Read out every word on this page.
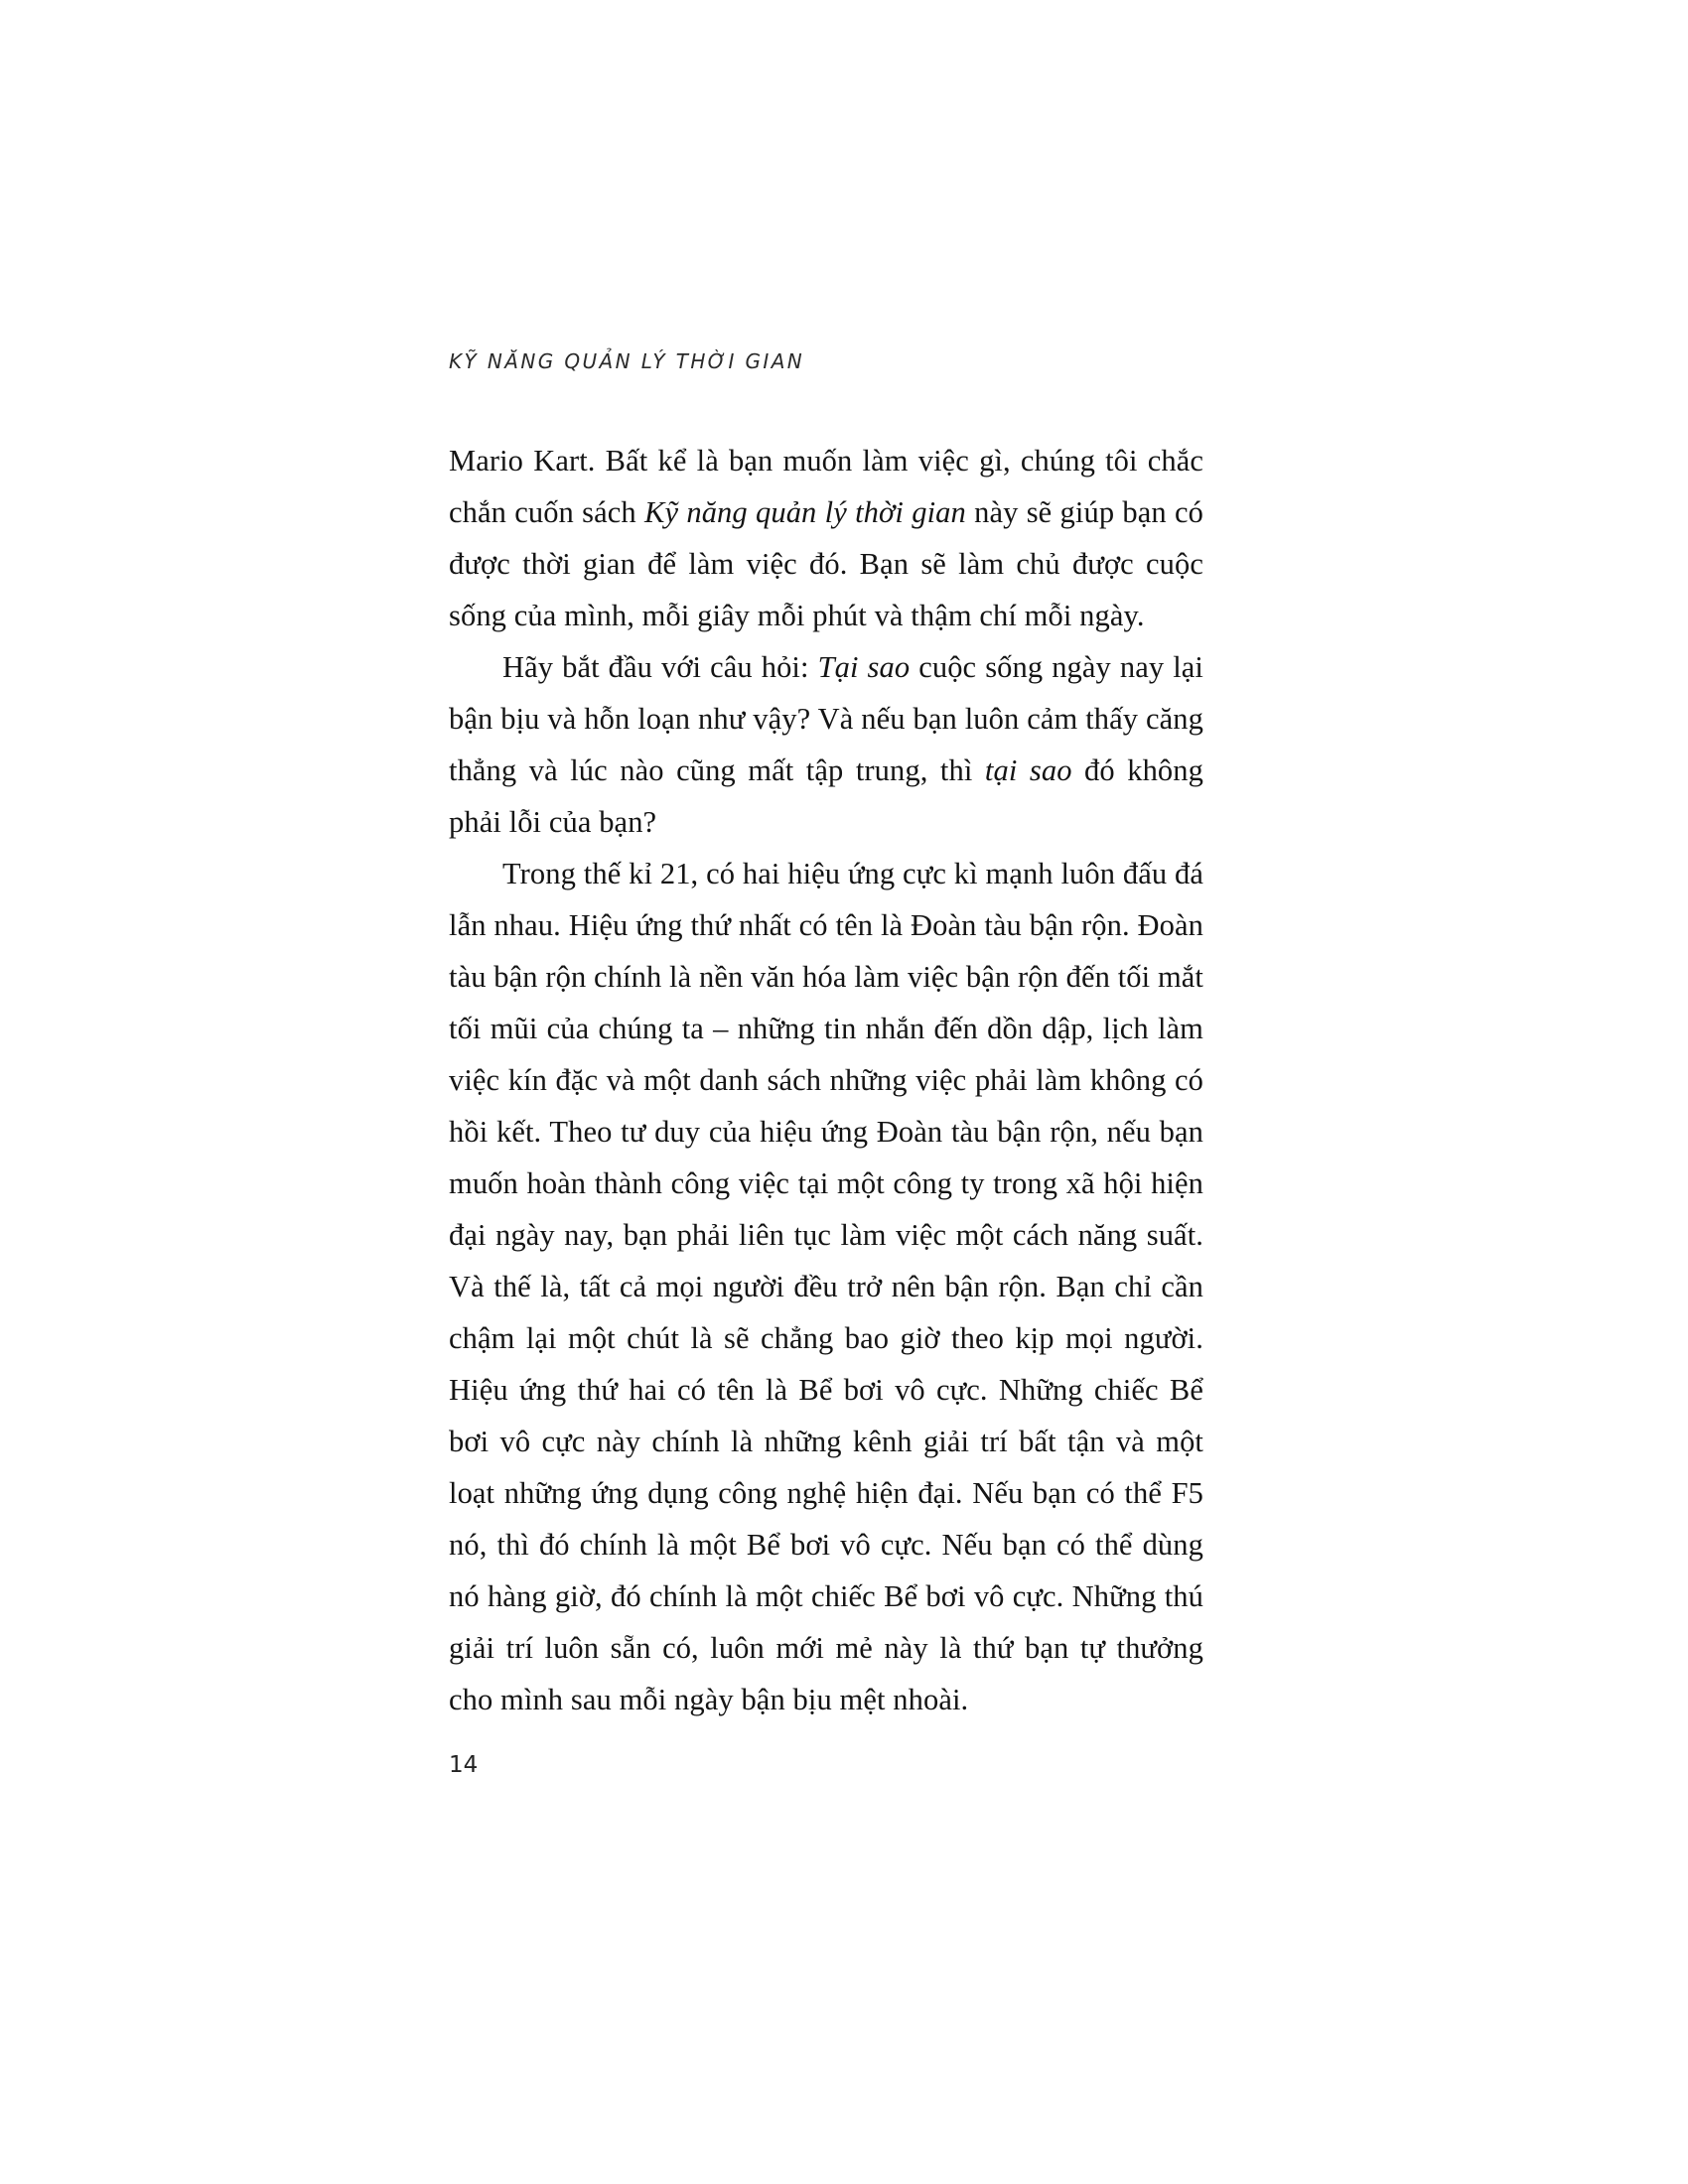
KỸ NĂNG QUẢN LÝ THỜI GIAN

Mario Kart. Bất kể là bạn muốn làm việc gì, chúng tôi chắc chắn cuốn sách Kỹ năng quản lý thời gian này sẽ giúp bạn có được thời gian để làm việc đó. Bạn sẽ làm chủ được cuộc sống của mình, mỗi giây mỗi phút và thậm chí mỗi ngày.

Hãy bắt đầu với câu hỏi: Tại sao cuộc sống ngày nay lại bận bịu và hỗn loạn như vậy? Và nếu bạn luôn cảm thấy căng thẳng và lúc nào cũng mất tập trung, thì tại sao đó không phải lỗi của bạn?

Trong thế kỉ 21, có hai hiệu ứng cực kì mạnh luôn đấu đá lẫn nhau. Hiệu ứng thứ nhất có tên là Đoàn tàu bận rộn. Đoàn tàu bận rộn chính là nền văn hóa làm việc bận rộn đến tối mắt tối mũi của chúng ta – những tin nhắn đến dồn dập, lịch làm việc kín đặc và một danh sách những việc phải làm không có hồi kết. Theo tư duy của hiệu ứng Đoàn tàu bận rộn, nếu bạn muốn hoàn thành công việc tại một công ty trong xã hội hiện đại ngày nay, bạn phải liên tục làm việc một cách năng suất. Và thế là, tất cả mọi người đều trở nên bận rộn. Bạn chỉ cần chậm lại một chút là sẽ chẳng bao giờ theo kịp mọi người. Hiệu ứng thứ hai có tên là Bể bơi vô cực. Những chiếc Bể bơi vô cực này chính là những kênh giải trí bất tận và một loạt những ứng dụng công nghệ hiện đại. Nếu bạn có thể F5 nó, thì đó chính là một Bể bơi vô cực. Nếu bạn có thể dùng nó hàng giờ, đó chính là một chiếc Bể bơi vô cực. Những thú giải trí luôn sẵn có, luôn mới mẻ này là thứ bạn tự thưởng cho mình sau mỗi ngày bận bịu mệt nhoài.

14
